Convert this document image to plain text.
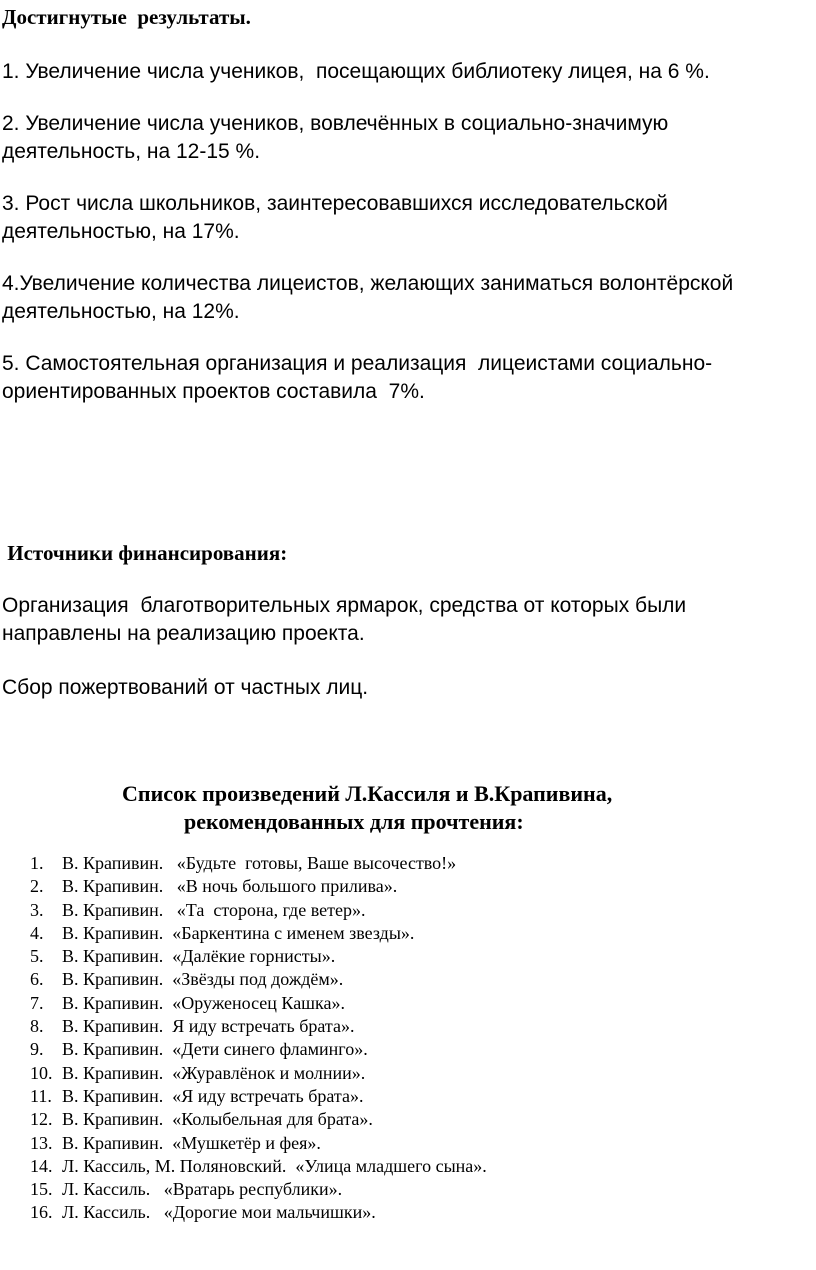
Достигнутые  результаты.

1. Увеличение числа учеников,  посещающих библиотеку лицея, на 6 %.

2. Увеличение числа учеников, вовлечённых в социально-значимую

деятельность, на 12-15 %.

3. Рост числа школьников, заинтересовавшихся исследовательской

деятельностью, на 17%.

4.Увеличение количества лицеистов, желающих заниматься волонтёрской

деятельностью, на 12%.

5. Самостоятельная организация и реализация  лицеистами социально-

ориентированных проектов составила  7%.

Источники финансирования:

Организация  благотворительных ярмарок, средства от которых были

направлены на реализацию проекта.

Сбор пожертвований от частных лиц.

Список произведений Л.Кассиля и В.Крапивина,

рекомендованных для прочтения:

1.	В. Крапивин.   «Будьте  готовы, Ваше высочество!»
2.	В. Крапивин.   «В ночь большого прилива».
3.	В. Крапивин.   «Та  сторона, где ветер».
4.	В. Крапивин.  «Баркентина с именем звезды».
5.	В. Крапивин.  «Далёкие горнисты».
6.	В. Крапивин.  «Звёзды под дождём».
7.	В. Крапивин.  «Оруженосец Кашка».
8.	В. Крапивин.  Я иду встречать брата».
9.	В. Крапивин.  «Дети синего фламинго».
10. В. Крапивин.  «Журавлёнок и молнии».
11. В. Крапивин.  «Я иду встречать брата».
12. В. Крапивин.  «Колыбельная для брата».
13. В. Крапивин.  «Мушкетёр и фея».
14. Л. Кассиль, М. Поляновский.  «Улица младшего сына».
15. Л. Кассиль.   «Вратарь республики».
16. Л. Кассиль.   «Дорогие мои мальчишки».
